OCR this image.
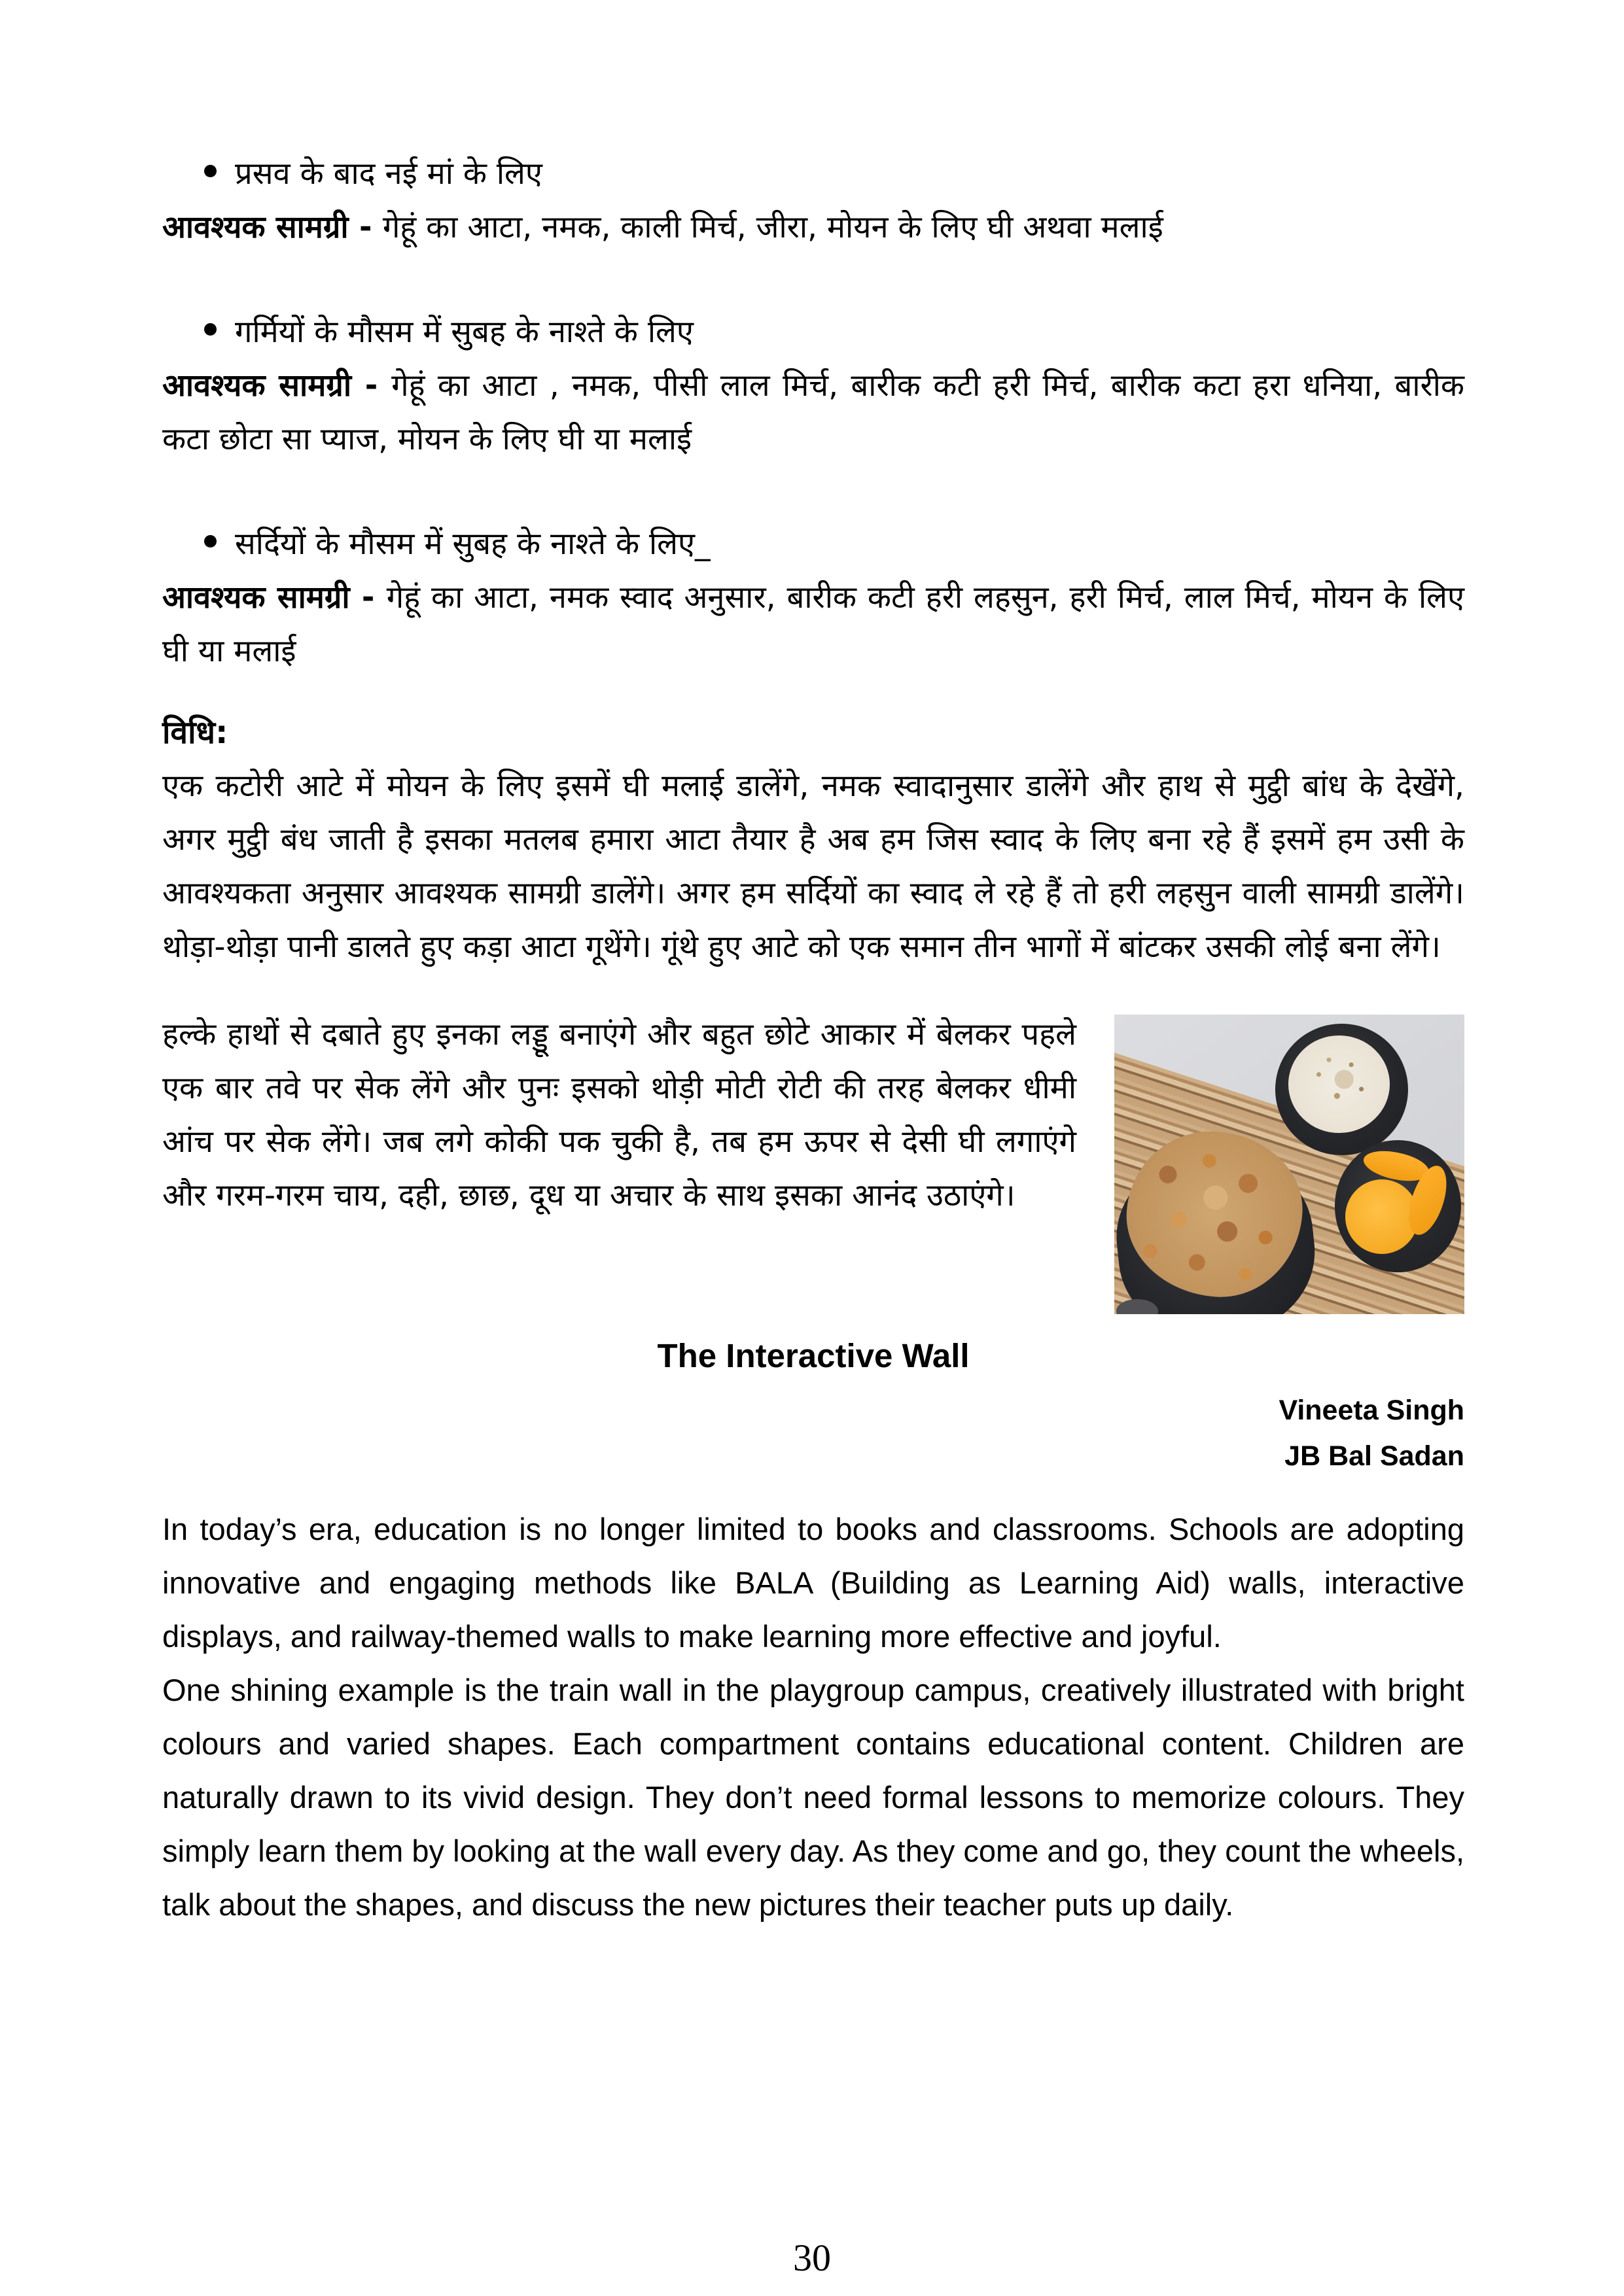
प्रसव के बाद नई मां के लिए

आवश्यक सामग्री - गेहूं का आटा, नमक, काली मिर्च, जीरा, मोयन के लिए घी अथवा मलाई

गर्मियों के मौसम में सुबह के नाश्ते के लिए

आवश्यक सामग्री - गेहूं का आटा , नमक, पीसी लाल मिर्च, बारीक कटी हरी मिर्च, बारीक कटा हरा धनिया, बारीक कटा छोटा सा प्याज, मोयन के लिए घी या मलाई

सर्दियों के मौसम में सुबह के नाश्ते के लिए_

आवश्यक सामग्री - गेहूं का आटा, नमक स्वाद अनुसार, बारीक कटी हरी लहसुन, हरी मिर्च, लाल मिर्च, मोयन के लिए घी या मलाई

विधि:

एक कटोरी आटे में मोयन के लिए इसमें घी मलाई डालेंगे, नमक स्वादानुसार डालेंगे और हाथ से मुट्ठी बांध के देखेंगे, अगर मुट्ठी बंध जाती है इसका मतलब हमारा आटा तैयार है अब हम जिस स्वाद के लिए बना रहे हैं इसमें हम उसी के आवश्यकता अनुसार आवश्यक सामग्री डालेंगे। अगर हम सर्दियों का स्वाद ले रहे हैं तो हरी लहसुन वाली सामग्री डालेंगे। थोड़ा-थोड़ा पानी डालते हुए कड़ा आटा गूथेंगे। गूंथे हुए आटे को एक समान तीन भागों में बांटकर उसकी लोई बना लेंगे।

हल्के हाथों से दबाते हुए इनका लड्डू बनाएंगे और बहुत छोटे आकार में बेलकर पहले एक बार तवे पर सेक लेंगे और पुनः इसको थोड़ी मोटी रोटी की तरह बेलकर धीमी आंच पर सेक लेंगे। जब लगे कोकी पक चुकी है, तब हम ऊपर से देसी घी लगाएंगे और गरम-गरम चाय, दही, छाछ, दूध या अचार के साथ इसका आनंद उठाएंगे।

The Interactive Wall
Vineeta Singh
JB Bal Sadan

In today’s era, education is no longer limited to books and classrooms. Schools are adopting innovative and engaging methods like BALA (Building as Learning Aid) walls, interactive displays, and railway-themed walls to make learning more effective and joyful.

One shining example is the train wall in the playgroup campus, creatively illustrated with bright colours and varied shapes. Each compartment contains educational content. Children are naturally drawn to its vivid design. They don’t need formal lessons to memorize colours. They simply learn them by looking at the wall every day. As they come and go, they count the wheels, talk about the shapes, and discuss the new pictures their teacher puts up daily.

30
